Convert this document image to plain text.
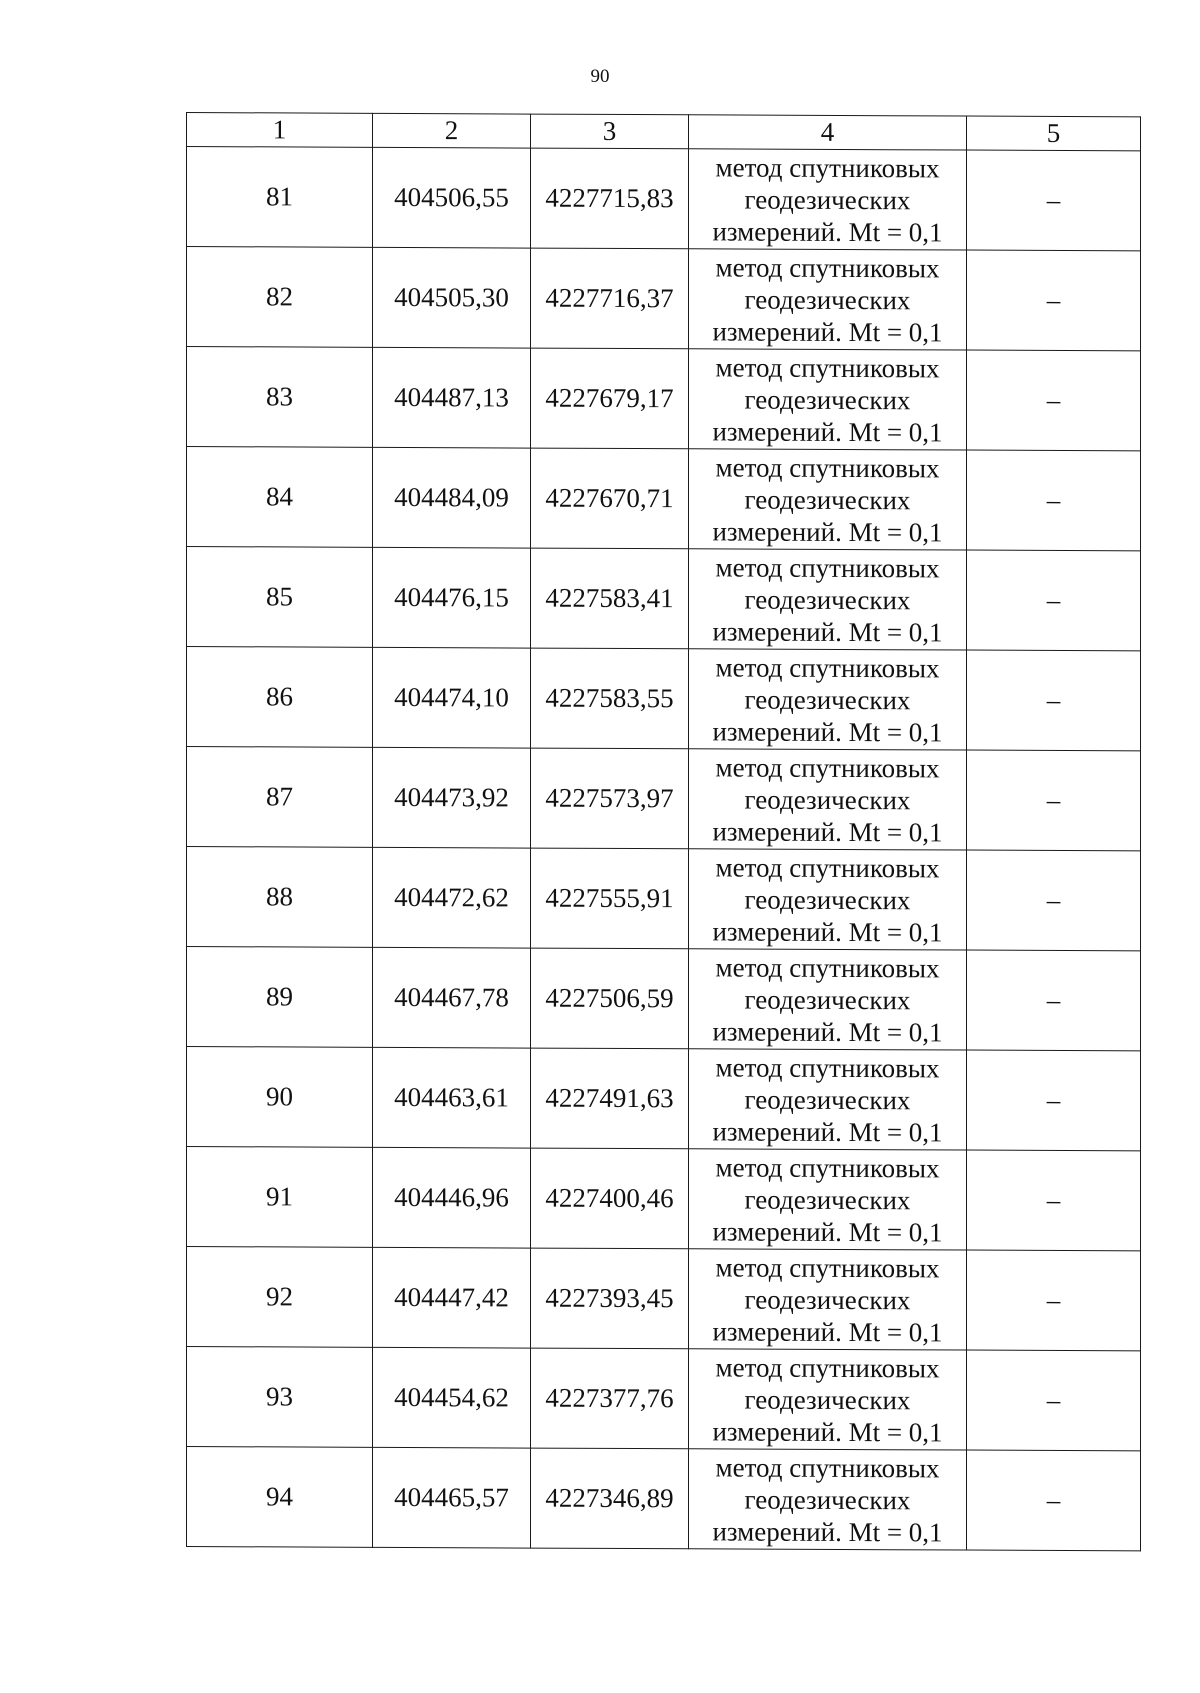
90
1	2	3	4	5
81	404506,55	4227715,83	метод спутниковых
геодезических
измерений. Mt = 0,1	–
82	404505,30	4227716,37	метод спутниковых
геодезических
измерений. Mt = 0,1	–
83	404487,13	4227679,17	метод спутниковых
геодезических
измерений. Mt = 0,1	–
84	404484,09	4227670,71	метод спутниковых
геодезических
измерений. Mt = 0,1	–
85	404476,15	4227583,41	метод спутниковых
геодезических
измерений. Mt = 0,1	–
86	404474,10	4227583,55	метод спутниковых
геодезических
измерений. Mt = 0,1	–
87	404473,92	4227573,97	метод спутниковых
геодезических
измерений. Mt = 0,1	–
88	404472,62	4227555,91	метод спутниковых
геодезических
измерений. Mt = 0,1	–
89	404467,78	4227506,59	метод спутниковых
геодезических
измерений. Mt = 0,1	–
90	404463,61	4227491,63	метод спутниковых
геодезических
измерений. Mt = 0,1	–
91	404446,96	4227400,46	метод спутниковых
геодезических
измерений. Mt = 0,1	–
92	404447,42	4227393,45	метод спутниковых
геодезических
измерений. Mt = 0,1	–
93	404454,62	4227377,76	метод спутниковых
геодезических
измерений. Mt = 0,1	–
94	404465,57	4227346,89	метод спутниковых
геодезических
измерений. Mt = 0,1	–
